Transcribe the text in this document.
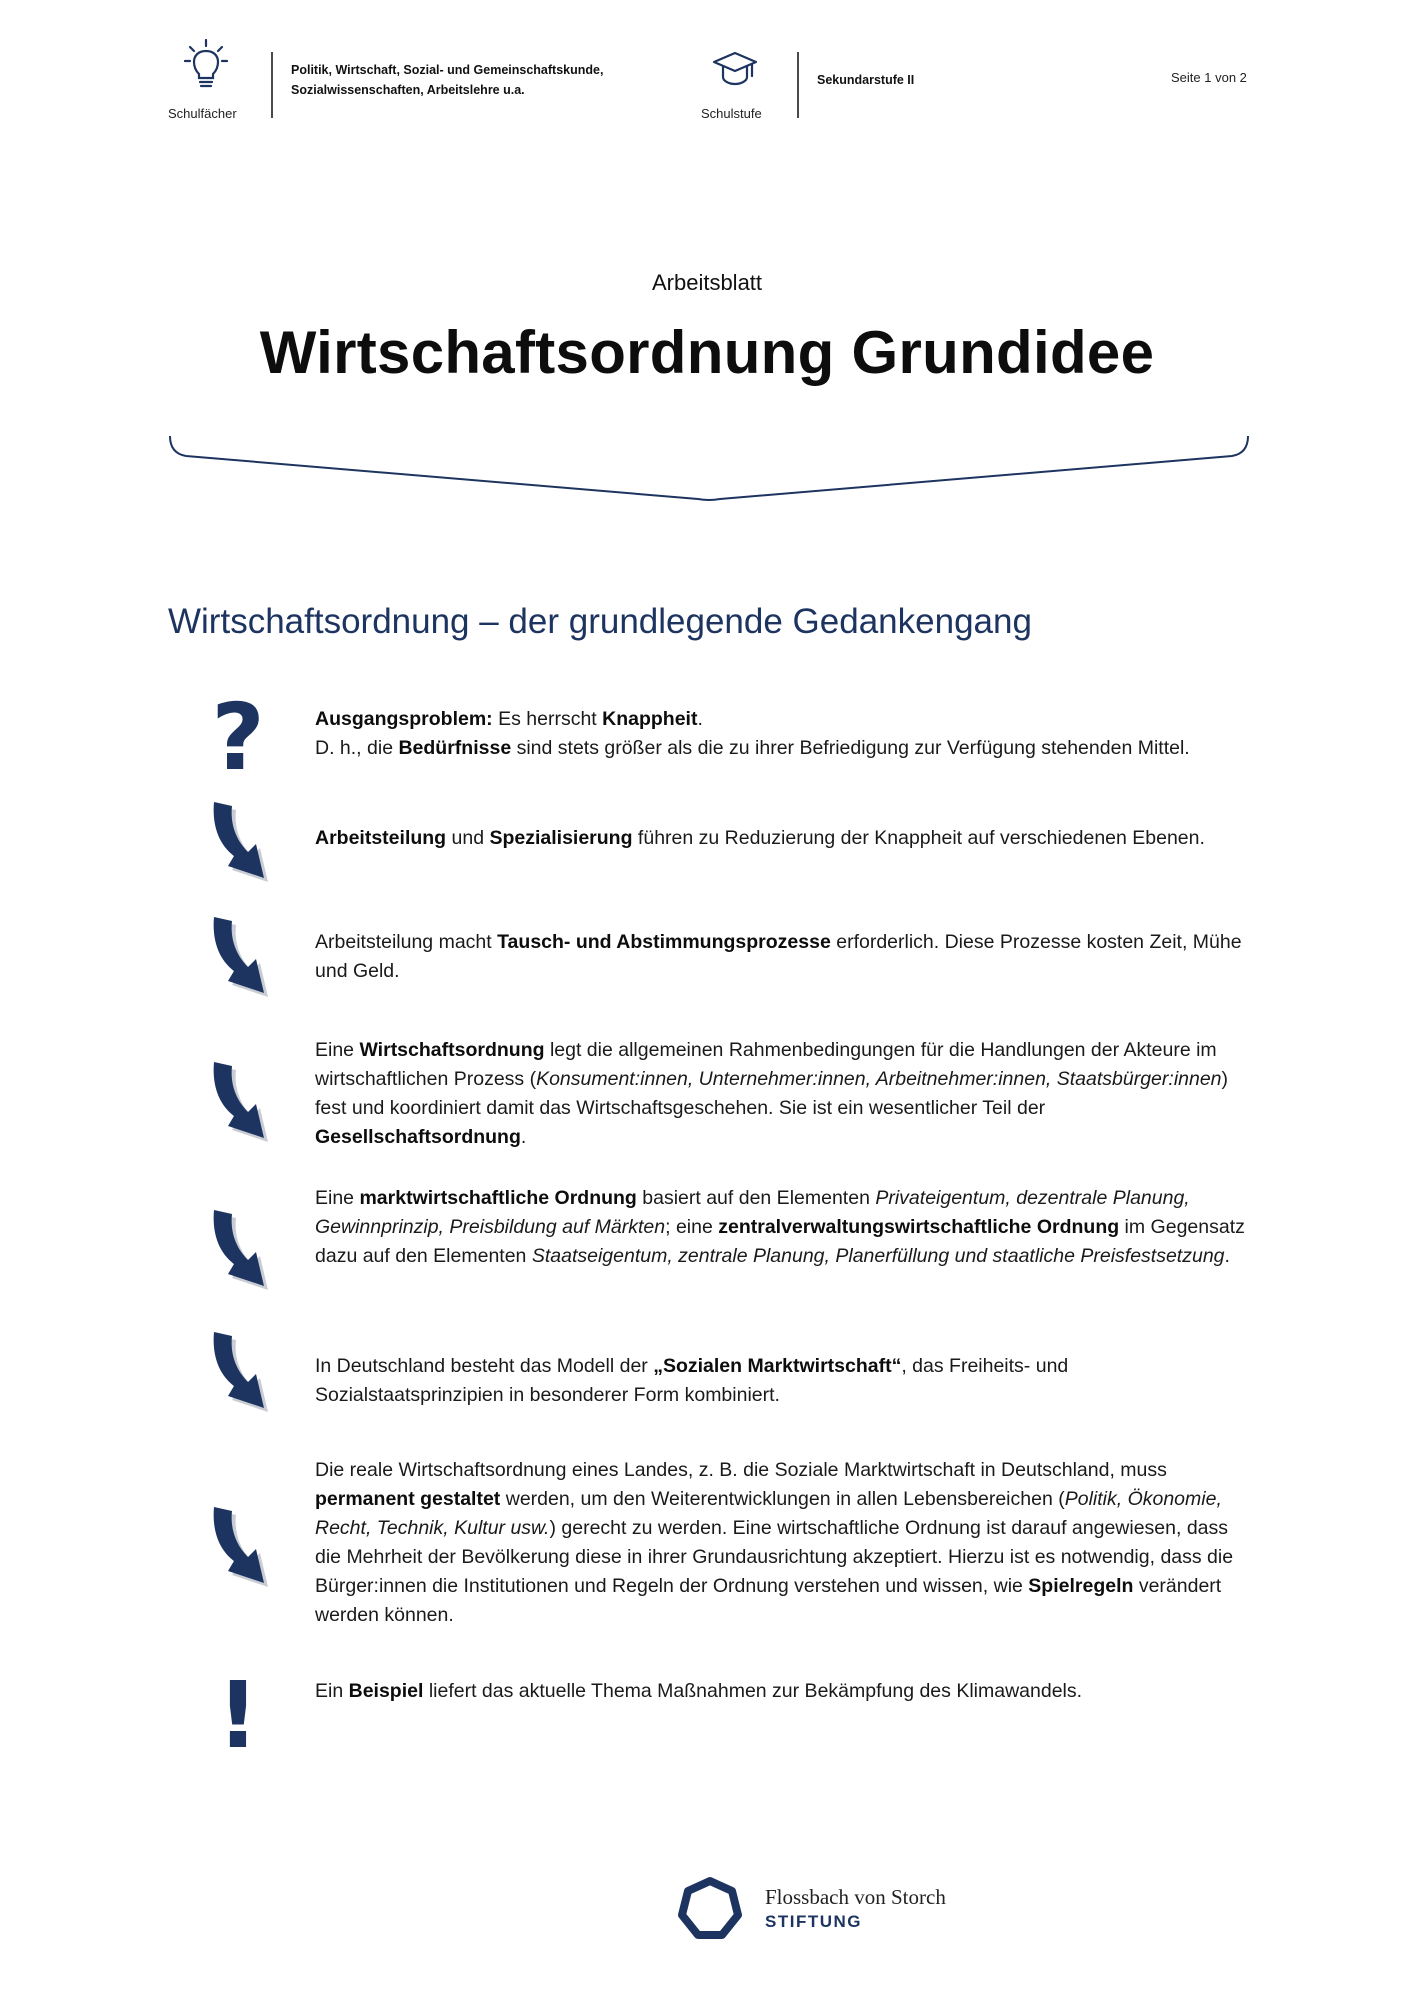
Schulfächer
Politik, Wirtschaft, Sozial- und Gemeinschaftskunde,
Sozialwissenschaften, Arbeitslehre u.a.
Schulstufe
Sekundarstufe II	Seite 1 von 2
Arbeitsblatt
Wirtschaftsordnung Grundidee
Wirtschaftsordnung – der grundlegende Gedankengang
?	Ausgangsproblem: Es herrscht Knappheit.
D. h., die Bedürfnisse sind stets größer als die zu ihrer Befriedigung zur Verfügung stehenden Mittel.
Arbeitsteilung und Spezialisierung führen zu Reduzierung der Knappheit auf verschiedenen Ebenen.
Arbeitsteilung macht Tausch- und Abstimmungsprozesse erforderlich. Diese Prozesse kosten Zeit, Mühe und Geld.
Eine Wirtschaftsordnung legt die allgemeinen Rahmenbedingungen für die Handlungen der Akteure im wirtschaftlichen Prozess (Konsument:innen, Unternehmer:innen, Arbeitnehmer:innen, Staatsbürger:innen) fest und koordiniert damit das Wirtschaftsgeschehen. Sie ist ein wesentlicher Teil der Gesellschaftsordnung.
Eine marktwirtschaftliche Ordnung basiert auf den Elementen Privateigentum, dezentrale Planung, Gewinnprinzip, Preisbildung auf Märkten; eine zentralverwaltungswirtschaftliche Ordnung im Gegensatz dazu auf den Elementen Staatseigentum, zentrale Planung, Planerfüllung und staatliche Preisfestsetzung.
In Deutschland besteht das Modell der „Sozialen Marktwirtschaft“, das Freiheits- und Sozialstaatsprinzipien in besonderer Form kombiniert.
Die reale Wirtschaftsordnung eines Landes, z. B. die Soziale Marktwirtschaft in Deutschland, muss permanent gestaltet werden, um den Weiterentwicklungen in allen Lebensbereichen (Politik, Ökonomie, Recht, Technik, Kultur usw.) gerecht zu werden. Eine wirtschaftliche Ordnung ist darauf angewiesen, dass die Mehrheit der Bevölkerung diese in ihrer Grundausrichtung akzeptiert. Hierzu ist es notwendig, dass die Bürger:innen die Institutionen und Regeln der Ordnung verstehen und wissen, wie Spielregeln verändert werden können.
!	Ein Beispiel liefert das aktuelle Thema Maßnahmen zur Bekämpfung des Klimawandels.
Flossbach von Storch
STIFTUNG
